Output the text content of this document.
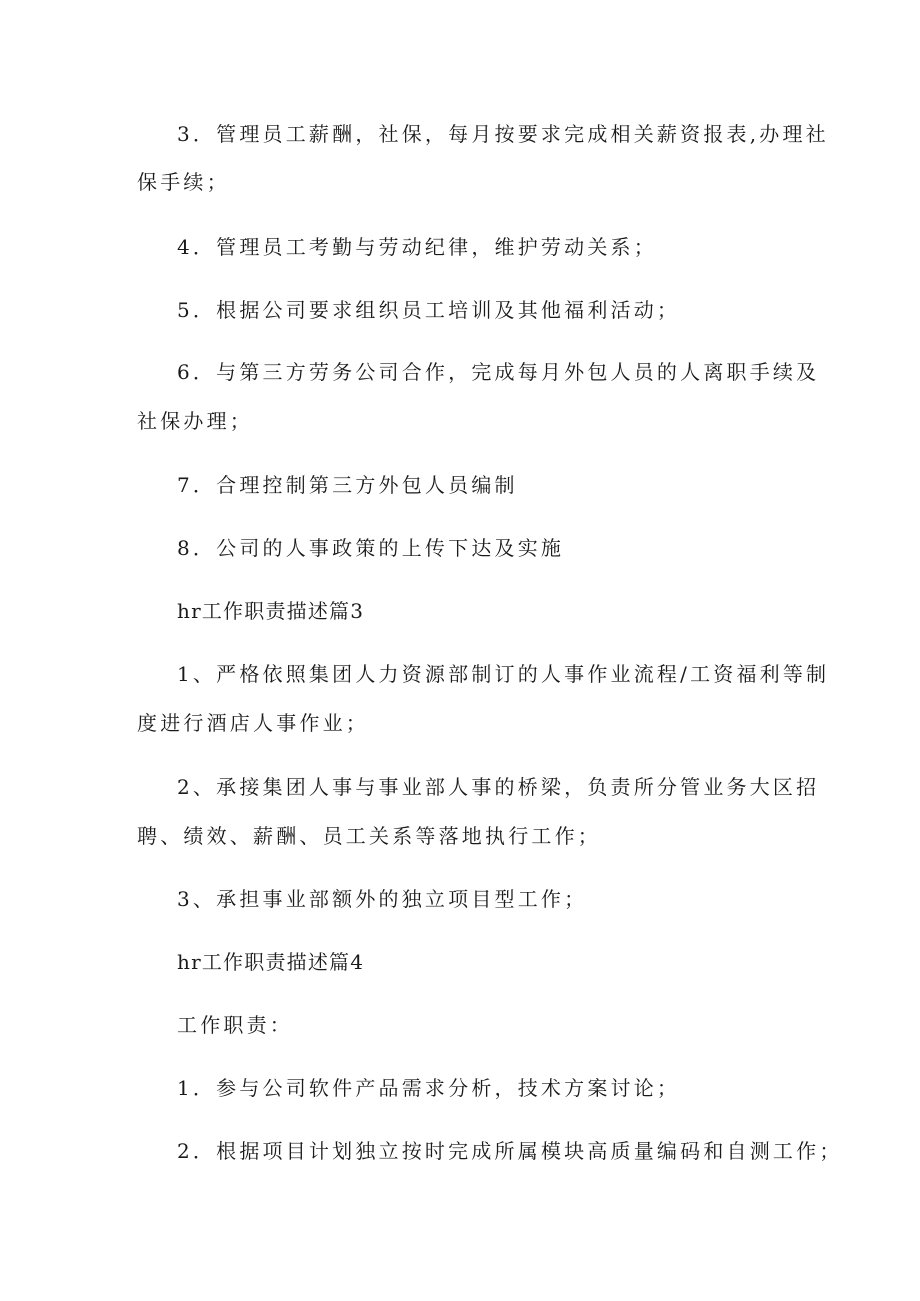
3．管理员工薪酬，社保，每月按要求完成相关薪资报表,办理社

保手续；

4．管理员工考勤与劳动纪律，维护劳动关系；

5．根据公司要求组织员工培训及其他福利活动；

6．与第三方劳务公司合作，完成每月外包人员的人离职手续及

社保办理；

7．合理控制第三方外包人员编制

8．公司的人事政策的上传下达及实施

hr工作职责描述篇3

1、严格依照集团人力资源部制订的人事作业流程/工资福利等制

度进行酒店人事作业；

2、承接集团人事与事业部人事的桥梁，负责所分管业务大区招

聘、绩效、薪酬、员工关系等落地执行工作；

3、承担事业部额外的独立项目型工作；

hr工作职责描述篇4

工作职责：

1．参与公司软件产品需求分析，技术方案讨论；

2．根据项目计划独立按时完成所属模块高质量编码和自测工作；
